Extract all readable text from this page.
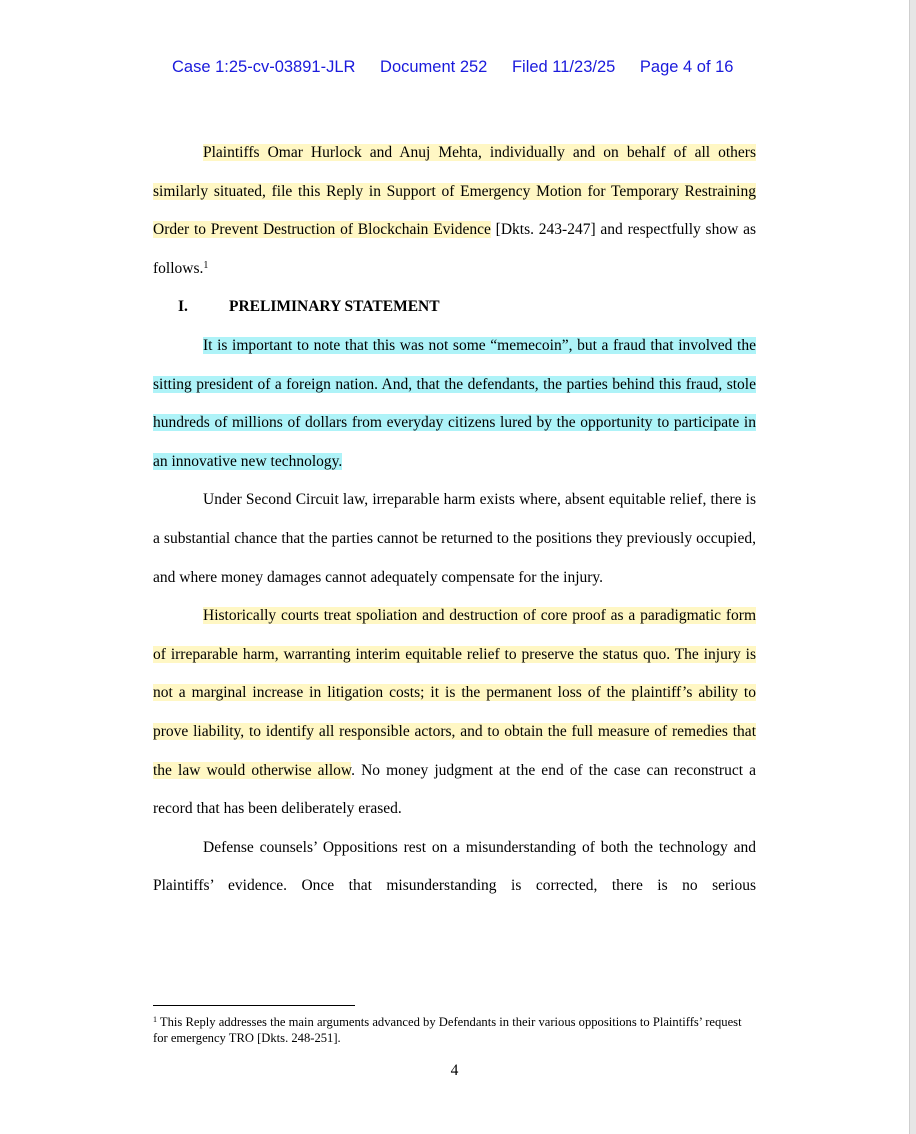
Case 1:25-cv-03891-JLR Document 252 Filed 11/23/25 Page 4 of 16

Plaintiffs Omar Hurlock and Anuj Mehta, individually and on behalf of all others similarly situated, file this Reply in Support of Emergency Motion for Temporary Restraining Order to Prevent Destruction of Blockchain Evidence [Dkts. 243-247] and respectfully show as follows.$^1$

I.	PRELIMINARY STATEMENT

It is important to note that this was not some “memecoin”, but a fraud that involved the sitting president of a foreign nation. And, that the defendants, the parties behind this fraud, stole hundreds of millions of dollars from everyday citizens lured by the opportunity to participate in an innovative new technology.

Under Second Circuit law, irreparable harm exists where, absent equitable relief, there is a substantial chance that the parties cannot be returned to the positions they previously occupied, and where money damages cannot adequately compensate for the injury.

Historically courts treat spoliation and destruction of core proof as a paradigmatic form of irreparable harm, warranting interim equitable relief to preserve the status quo. The injury is not a marginal increase in litigation costs; it is the permanent loss of the plaintiff’s ability to prove liability, to identify all responsible actors, and to obtain the full measure of remedies that the law would otherwise allow. No money judgment at the end of the case can reconstruct a record that has been deliberately erased.

Defense counsels’ Oppositions rest on a misunderstanding of both the technology and Plaintiffs’ evidence. Once that misunderstanding is corrected, there is no serious

$^1$ This Reply addresses the main arguments advanced by Defendants in their various oppositions to Plaintiffs’ request for emergency TRO [Dkts. 248-251].
4
